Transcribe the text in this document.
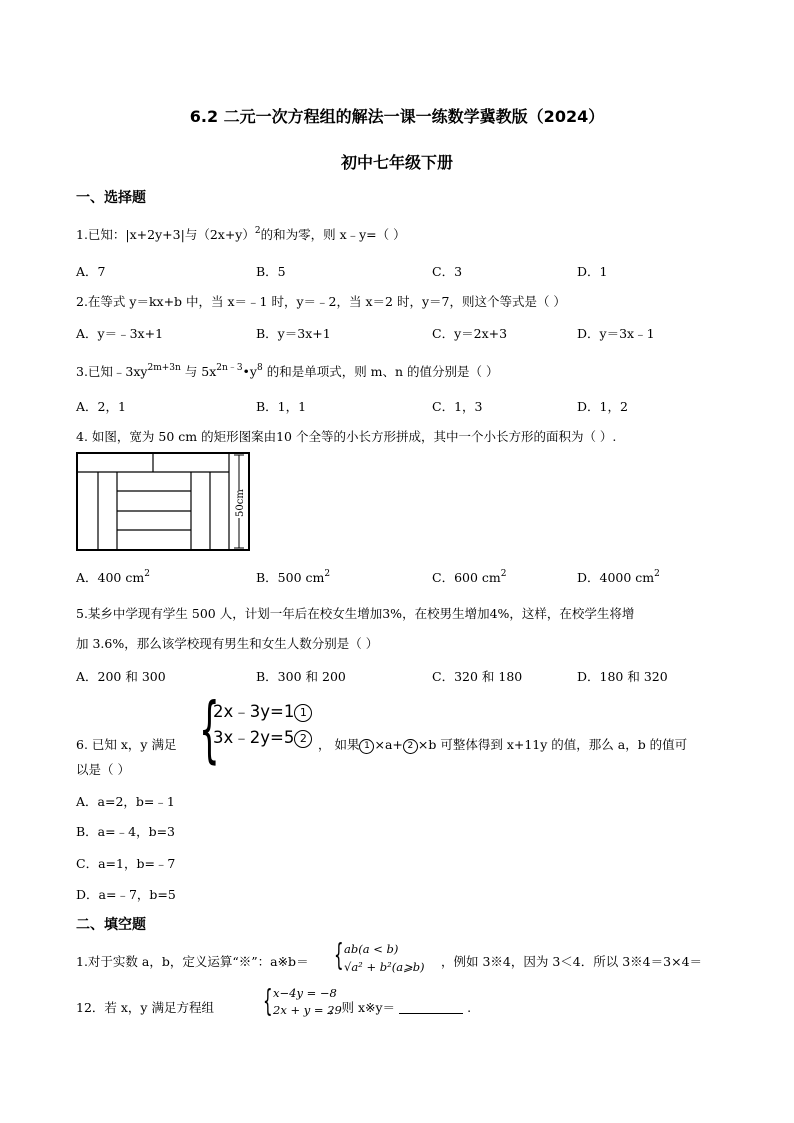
6.2 二元一次方程组的解法一课一练数学冀教版（2024）
初中七年级下册
一、选择题
1.已知：|x+2y+3|与$(2x+y)^2$的和为零，则 x﹣y=（ ）
A．7	B．5	C．3	D．1
2.在等式 y＝kx+b 中，当 x＝﹣1 时，y＝﹣2，当 x＝2 时，y＝7，则这个等式是（ ）
A．y＝﹣3x+1	B．y＝3x+1	C．y＝2x+3	D．y＝3x﹣1
3.已知$﹣3xy^{2m+3n}$ 与 $5x^{2n﹣3}•y^8$ 的和是单项式，则 m、n 的值分别是（ ）
A．2，1	B．1，1	C．1，3	D．1，2
4. 如图，宽为 50 cm 的矩形图案由10 个全等的小长方形拼成，其中一个小长方形的面积为（ ）.
50cm
A．400 $cm^2$	B．500 $cm^2$	C．600 $cm^2$	D．4000 $cm^2$
5.某乡中学现有学生 500 人，计划一年后在校女生增加3%，在校男生增加4%，这样，在校学生将增
加 3.6%，那么该学校现有男生和女生人数分别是（ ）
A．200 和 300	B．300 和 200	C．320 和 180	D．180 和 320
6. 已知 x，y 满足 {
2x﹣3y=1 1
3x﹣2y=5 2 ， 如果 1 ×a+ 2 ×b 可整体得到 x+11y 的值，那么 a，b 的值可
以是（ ）
A．a=2，b=﹣1
B．a=﹣4，b=3
C．a=1，b=﹣7
D．a=﹣7，b=5
二、填空题
1.对于实数 a，b，定义运算“※”：a※b＝ { ab(a < b)
√a² + b²(a⩾b) ，例如 3※4，因为 3＜4．所以 3※4＝3×4＝
12．若 x，y 满足方程组 { x−4y = −8
2x + y = 29
，则 x※y＝	.
